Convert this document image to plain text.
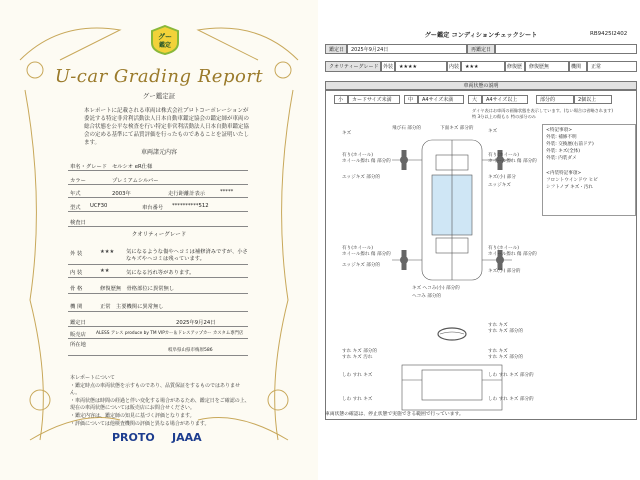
グー
鑑定
U-car Grading Report
グー鑑定証
本レポートに記載される車両は株式会社プロトコーポレーションが委託する特定非営利活動法人日本自動車鑑定協会の鑑定師が車両の総合状態を公平な検査を行い特定非営利活動法人日本自動車鑑定協会の定める基準にて品質評価を行ったものであることを証明いたします。
車両諸元内容
車名・グレード セルシオ eR仕様
カラー	プレミアムシルバー
年式	2003年	走行距離計表示	*****
型式 UCF30	車台番号 **********512
検査日
クオリティーグレード
外 装	★★★ 気になるような傷やヘコミは補修済みですが、小さなキズやヘコミは残っています。
内 装	★★	気になる汚れ等があります。
骨 格	修復歴無　骨格部位に異常無し
機 関	正常　主要機関に異常無し
鑑定日	2025年9月24日
販売店 ALESS アレス produce by TM VIPカー＆ドレスアップカー カスタム専門店
所在地
岐阜県山県市梅原586
本レポートについて
・鑑定時点の車両状態を示すものであり、品質保証をするものではありません。
・車両状態は時間の経過と伴い変化する場合があるため、鑑定日をご確認の上、現在の車両状態については販売店にお問合せください。
・鑑定内容は、鑑定師の知見に基づく評価となります。
・評価については他検査機関の評価と異なる場合があります。
PROTO JAAA
グー鑑定 コンディションチェックシート	RB9425I2402
鑑定日	2025年9月24日	再鑑定日
クオリティーグレード 外装	★★★★	内装	★★★	修復歴	修復歴無	機関	正常
車両状態の説明
小	カードサイズ未満	中	A4サイズ未満	大	A4サイズ以上	部分的	2個以上
ダイヤ表はお車両の画像状態を表示しています。(ない場合は省略されます)
特 3分以上の傷もる 特の部分のみ
キズ
飛び石 部分的	下面キズ 部分的
キズ
有り(ホイール)
ホイール擦れ 傷 部分的
有り(ホイール)
ホイール擦れ 傷 部分的
エッジキズ 部分的	キズ(小) 部分
エッジキズ
有り(ホイール)
ホイール擦れ 傷 部分的
有り(ホイール)
ホイール擦れ 傷 部分的
エッジキズ 部分的
キズ(小) 部分的
キズ ヘコみ(小) 部分的
ヘコみ 部分的
すれ キズ
すれ キズ 部分的
すれ キズ 部分的
すれ キズ 汚れ
すれ キズ
すれ キズ 部分的
しわ すれ キズ	しわ すれ キズ 部分的
しわ すれ キズ	しわ すれ キズ 部分的
<特記事項>
外装: 補修不明
外装: 交換歴(右前ドア)
外装: キズ(全体)
外装: 内装ダメ
<内装特記事項>
フロントウインドウ ヒビ
シフトノブ キズ・汚れ
車両状態の確認は、停止状態で実施できる範囲で行っています。
